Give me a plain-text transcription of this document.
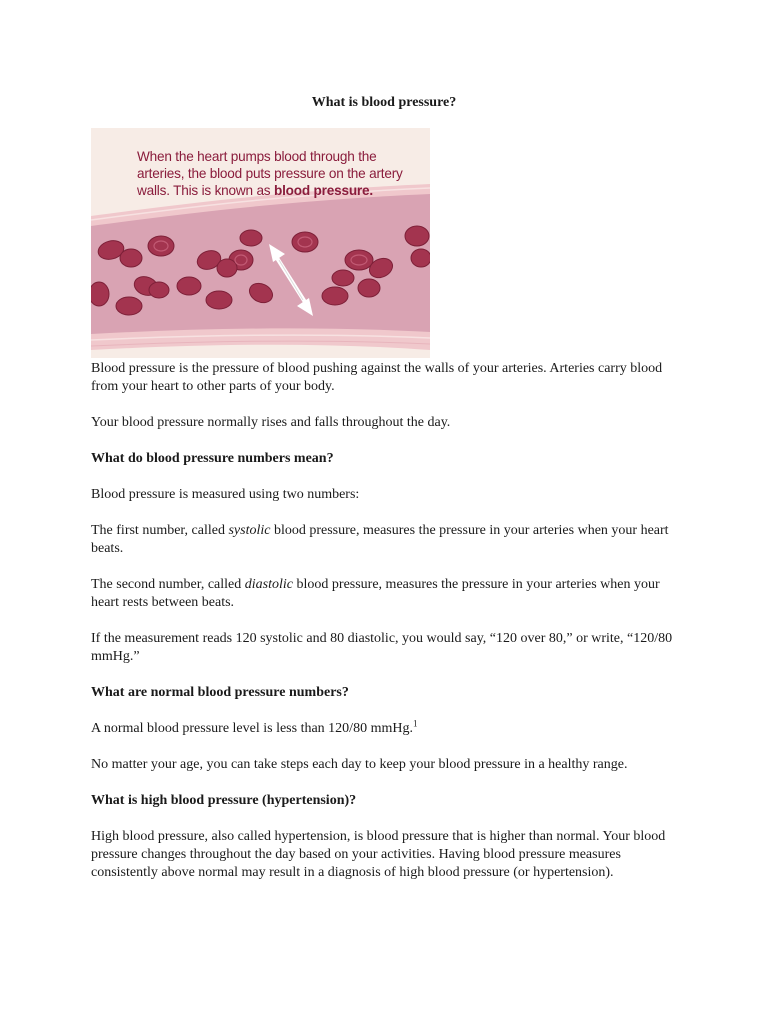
What is blood pressure?
When the heart pumps blood through the arteries, the blood puts pressure on the artery walls. This is known as blood pressure.
Blood pressure is the pressure of blood pushing against the walls of your arteries. Arteries carry blood from your heart to other parts of your body.
Your blood pressure normally rises and falls throughout the day.
What do blood pressure numbers mean?
Blood pressure is measured using two numbers:
The first number, called systolic blood pressure, measures the pressure in your arteries when your heart beats.
The second number, called diastolic blood pressure, measures the pressure in your arteries when your heart rests between beats.
If the measurement reads 120 systolic and 80 diastolic, you would say, “120 over 80,” or write, “120/80 mmHg.”
What are normal blood pressure numbers?
A normal blood pressure level is less than 120/80 mmHg.$^1$
No matter your age, you can take steps each day to keep your blood pressure in a healthy range.
What is high blood pressure (hypertension)?
High blood pressure, also called hypertension, is blood pressure that is higher than normal. Your blood pressure changes throughout the day based on your activities. Having blood pressure measures consistently above normal may result in a diagnosis of high blood pressure (or hypertension).
